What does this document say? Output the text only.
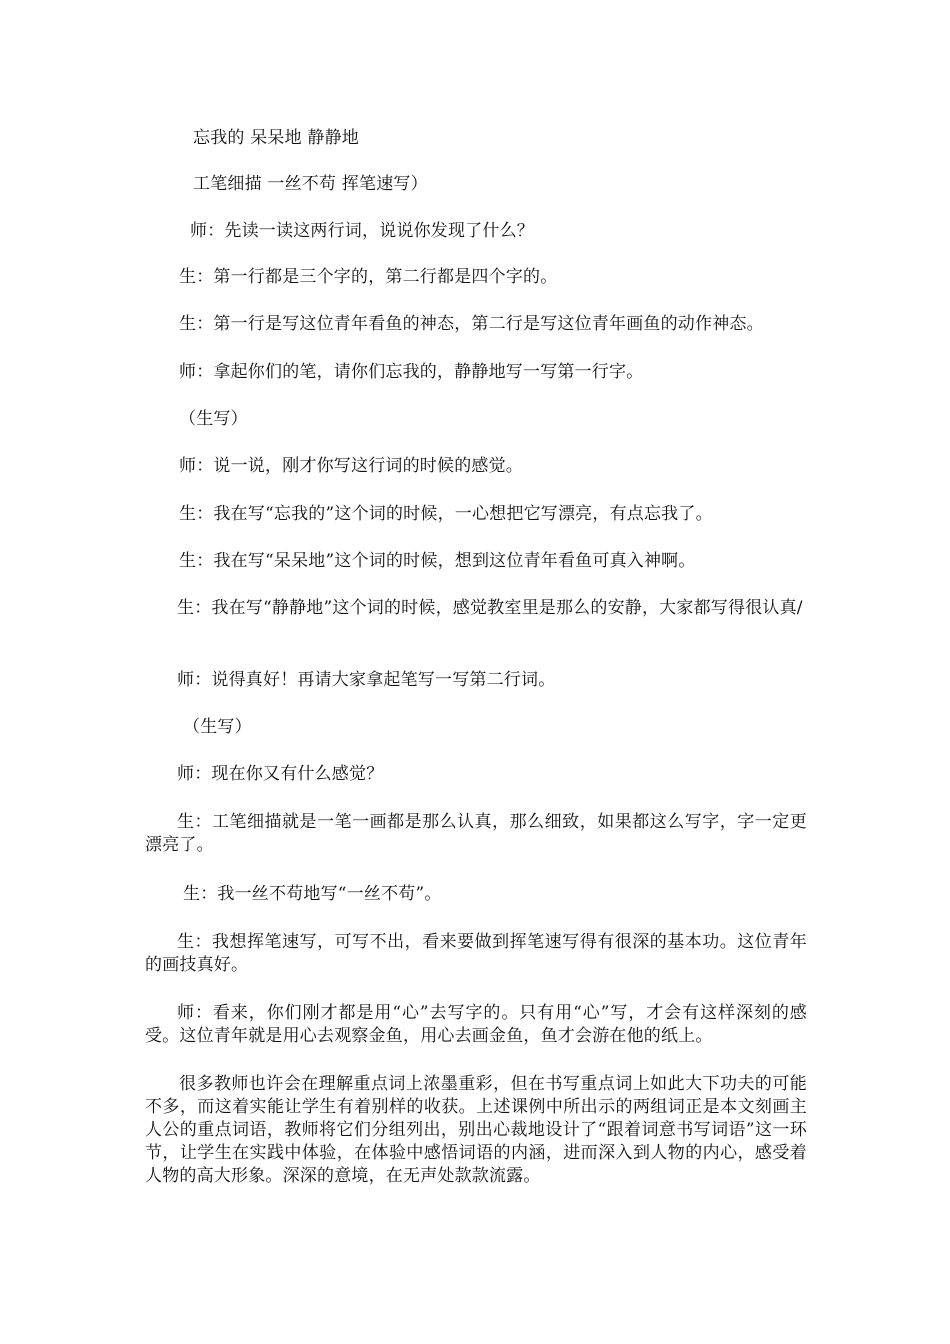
忘我的 呆呆地 静静地

工笔细描 一丝不苟 挥笔速写）

师：先读一读这两行词，说说你发现了什么？

生：第一行都是三个字的，第二行都是四个字的。

生：第一行是写这位青年看鱼的神态，第二行是写这位青年画鱼的动作神态。

师：拿起你们的笔，请你们忘我的，静静地写一写第一行字。

（生写）

师：说一说，刚才你写这行词的时候的感觉。

生：我在写“忘我的”这个词的时候，一心想把它写漂亮，有点忘我了。

生：我在写“呆呆地”这个词的时候，想到这位青年看鱼可真入神啊。

生：我在写“静静地”这个词的时候，感觉教室里是那么的安静，大家都写得很认真/

师：说得真好！再请大家拿起笔写一写第二行词。

（生写）

师：现在你又有什么感觉？

生：工笔细描就是一笔一画都是那么认真，那么细致，如果都这么写字，字一定更漂亮了。

生：我一丝不苟地写“一丝不苟”。

生：我想挥笔速写，可写不出，看来要做到挥笔速写得有很深的基本功。这位青年的画技真好。

师：看来，你们刚才都是用“心”去写字的。只有用“心”写，才会有这样深刻的感受。这位青年就是用心去观察金鱼，用心去画金鱼，鱼才会游在他的纸上。

很多教师也许会在理解重点词上浓墨重彩，但在书写重点词上如此大下功夫的可能不多，而这着实能让学生有着别样的收获。上述课例中所出示的两组词正是本文刻画主人公的重点词语，教师将它们分组列出，别出心裁地设计了“跟着词意书写词语”这一环节，让学生在实践中体验，在体验中感悟词语的内涵，进而深入到人物的内心，感受着人物的高大形象。深深的意境，在无声处款款流露。
